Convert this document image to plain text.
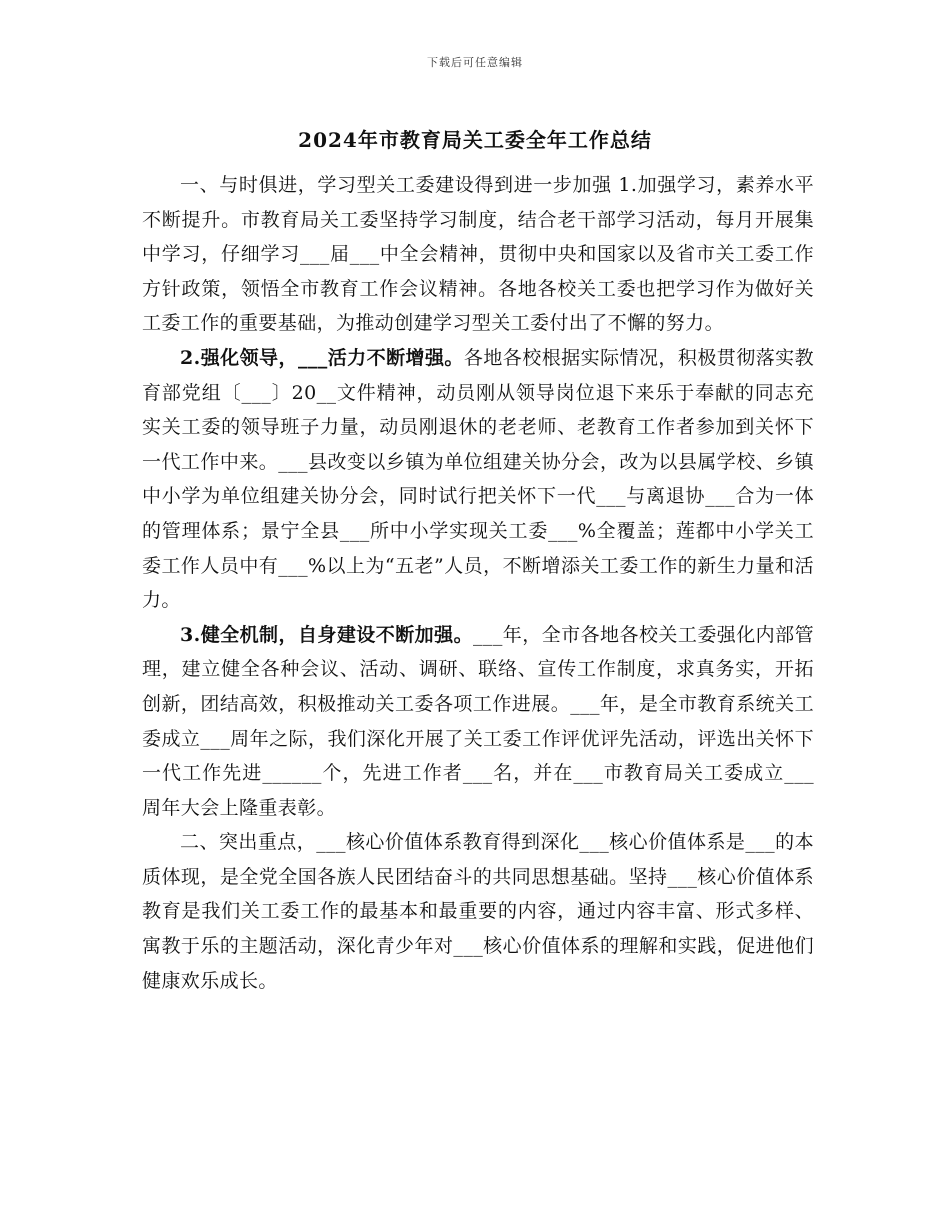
下载后可任意编辑
2024年市教育局关工委全年工作总结

一、与时俱进，学习型关工委建设得到进一步加强 1.加强学习，素养水平不断提升。市教育局关工委坚持学习制度，结合老干部学习活动，每月开展集中学习，仔细学习___届___中全会精神，贯彻中央和国家以及省市关工委工作方针政策，领悟全市教育工作会议精神。各地各校关工委也把学习作为做好关工委工作的重要基础，为推动创建学习型关工委付出了不懈的努力。

2.强化领导，___活力不断增强。各地各校根据实际情况，积极贯彻落实教育部党组〔___〕20__文件精神，动员刚从领导岗位退下来乐于奉献的同志充实关工委的领导班子力量，动员刚退休的老老师、老教育工作者参加到关怀下一代工作中来。___县改变以乡镇为单位组建关协分会，改为以县属学校、乡镇中小学为单位组建关协分会，同时试行把关怀下一代___与离退协___合为一体的管理体系；景宁全县___所中小学实现关工委___%全覆盖；莲都中小学关工委工作人员中有___%以上为“五老”人员，不断增添关工委工作的新生力量和活力。

3.健全机制，自身建设不断加强。___年，全市各地各校关工委强化内部管理，建立健全各种会议、活动、调研、联络、宣传工作制度，求真务实，开拓创新，团结高效，积极推动关工委各项工作进展。___年，是全市教育系统关工委成立___周年之际，我们深化开展了关工委工作评优评先活动，评选出关怀下一代工作先进______个，先进工作者___名，并在___市教育局关工委成立___周年大会上隆重表彰。

二、突出重点，___核心价值体系教育得到深化___核心价值体系是___的本质体现，是全党全国各族人民团结奋斗的共同思想基础。坚持___核心价值体系教育是我们关工委工作的最基本和最重要的内容，通过内容丰富、形式多样、寓教于乐的主题活动，深化青少年对___核心价值体系的理解和实践，促进他们健康欢乐成长。
